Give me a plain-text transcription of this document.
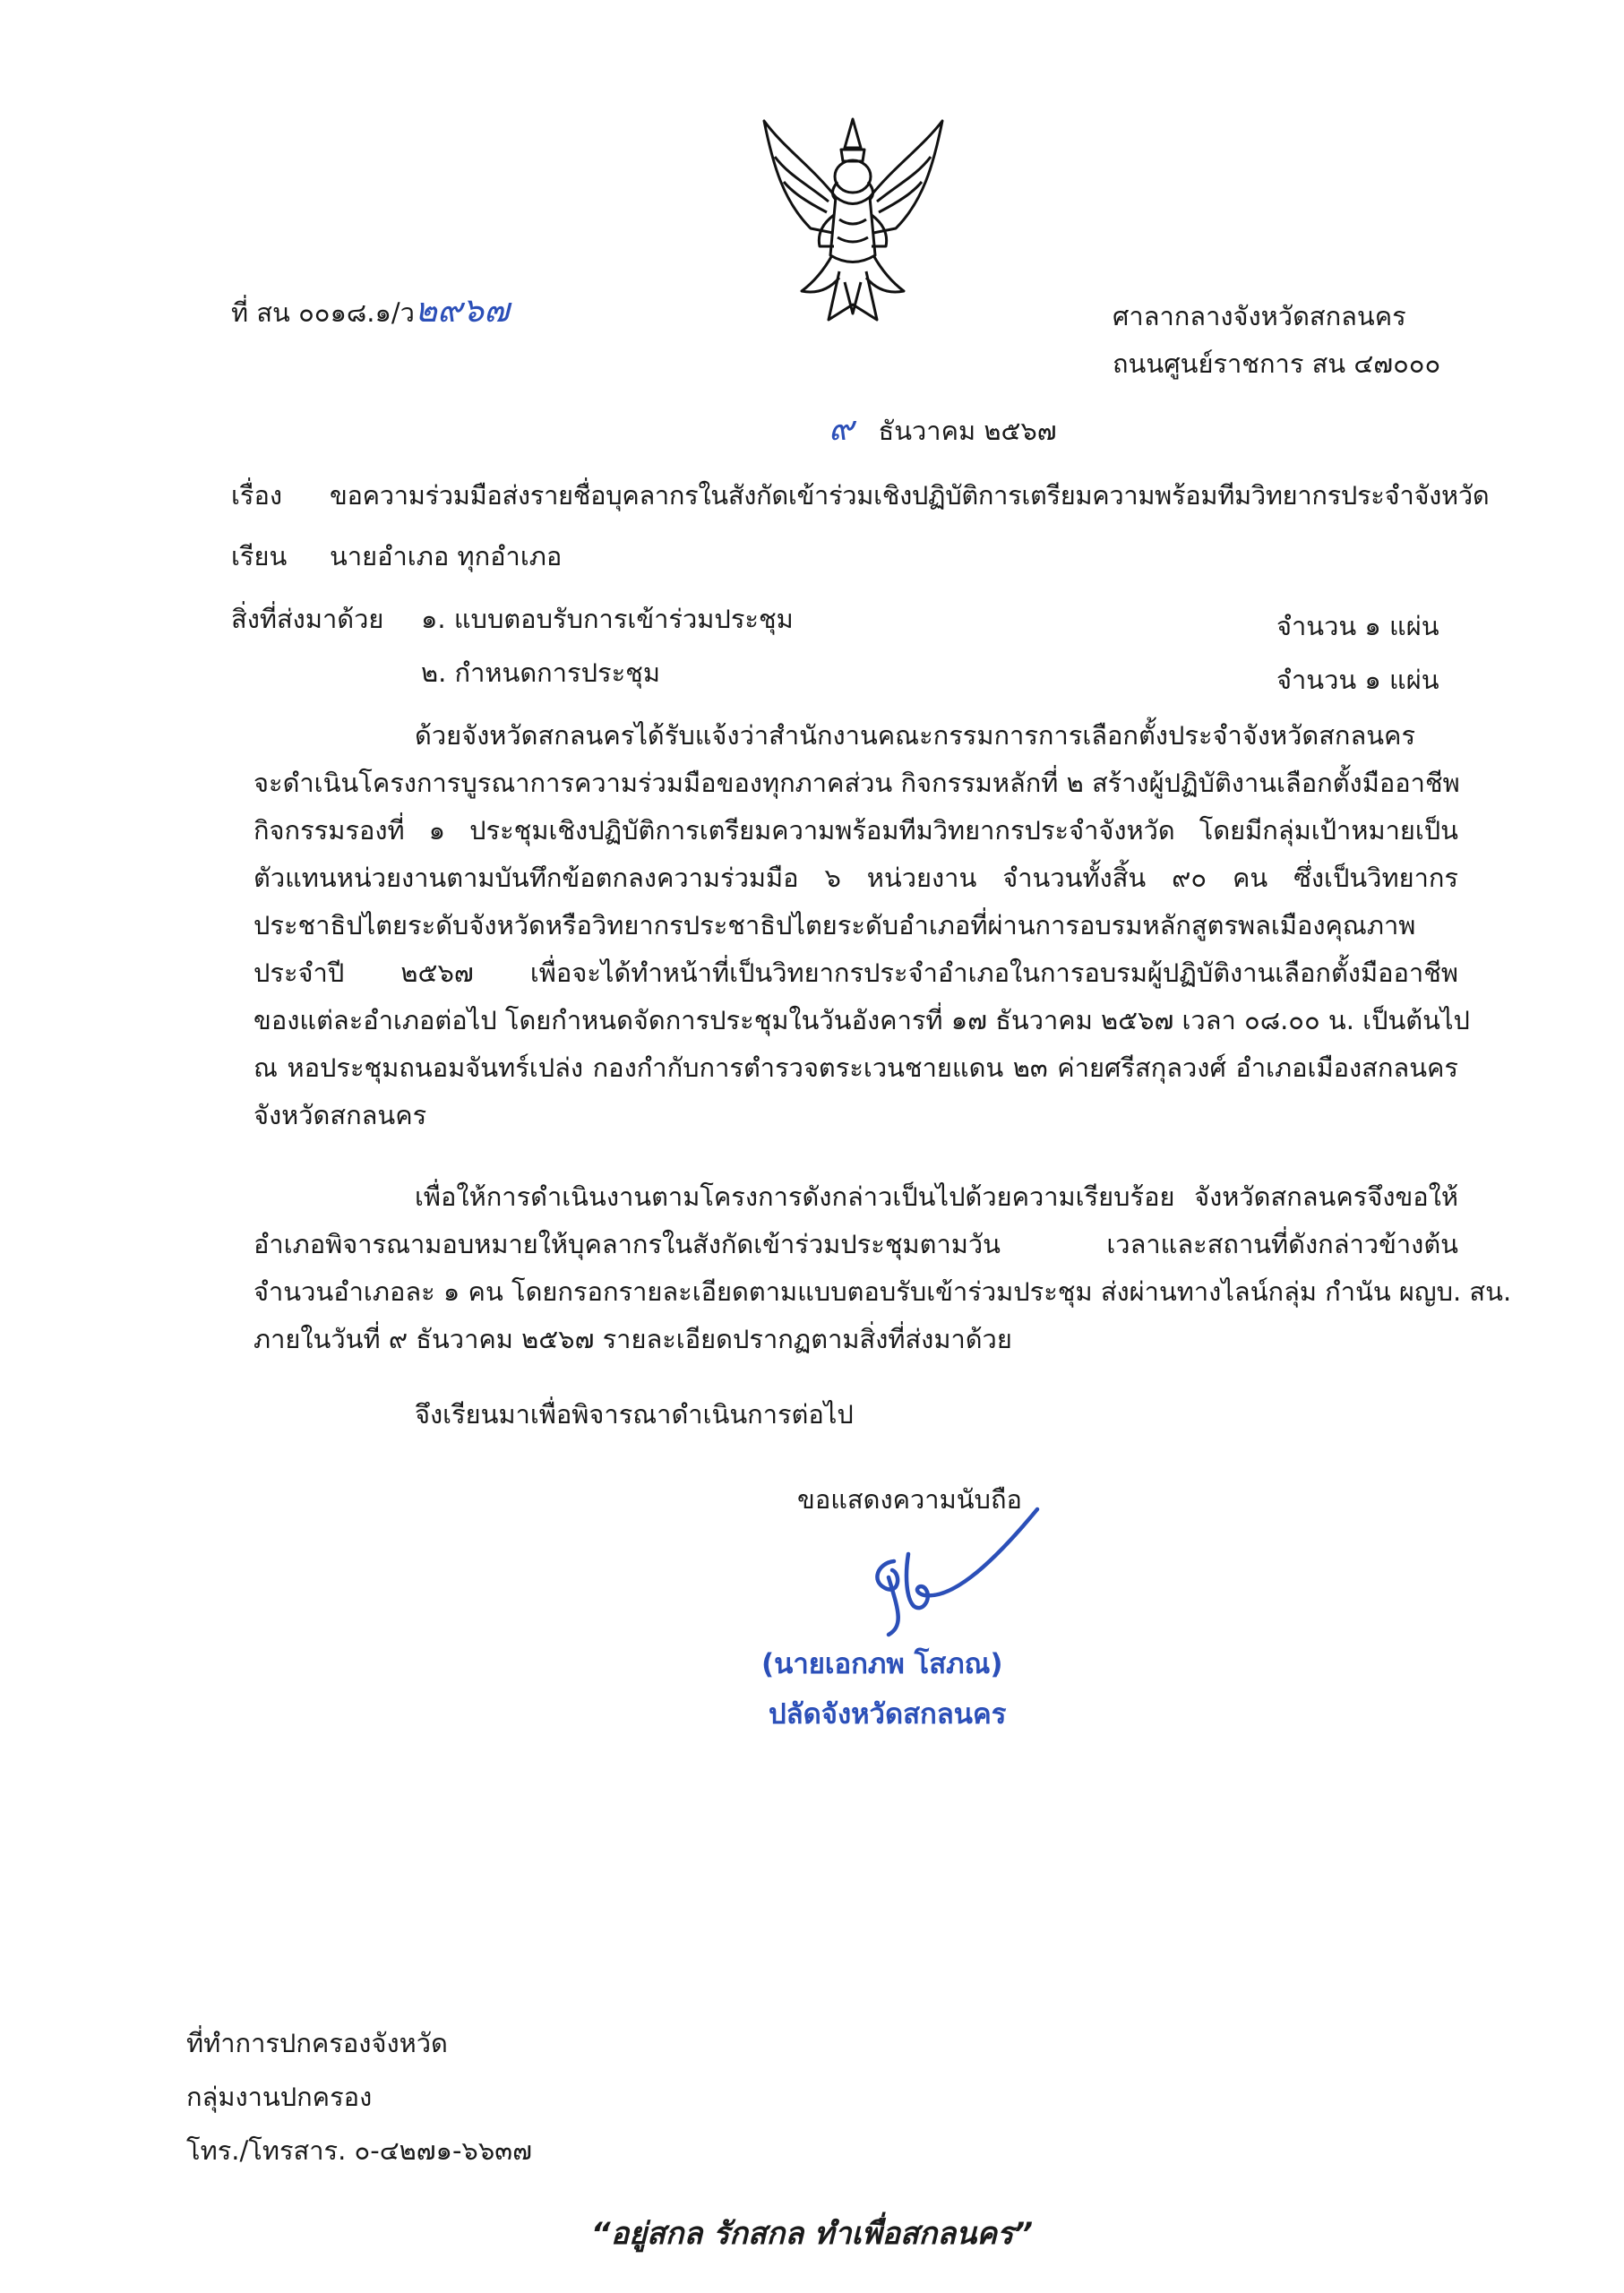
ที่ สน ๐๐๑๘.๑/ว๒๙๖๗	ศาลากลางจังหวัดสกลนคร
ถนนศูนย์ราชการ สน ๔๗๐๐๐
๙ ธันวาคม ๒๕๖๗
เรื่อง ขอความร่วมมือส่งรายชื่อบุคลากรในสังกัดเข้าร่วมเชิงปฏิบัติการเตรียมความพร้อมทีมวิทยากรประจำจังหวัด
เรียน นายอำเภอ ทุกอำเภอ
สิ่งที่ส่งมาด้วย ๑. แบบตอบรับการเข้าร่วมประชุม	จำนวน ๑ แผ่น
๒. กำหนดการประชุม	จำนวน ๑ แผ่น
ด้วยจังหวัดสกลนครได้รับแจ้งว่าสำนักงานคณะกรรมการการเลือกตั้งประจำจังหวัดสกลนคร
จะดำเนินโครงการบูรณาการความร่วมมือของทุกภาคส่วน กิจกรรมหลักที่ ๒ สร้างผู้ปฏิบัติงานเลือกตั้งมืออาชีพ
กิจกรรมรองที่ ๑ ประชุมเชิงปฏิบัติการเตรียมความพร้อมทีมวิทยากรประจำจังหวัด โดยมีกลุ่มเป้าหมายเป็น
ตัวแทนหน่วยงานตามบันทึกข้อตกลงความร่วมมือ ๖ หน่วยงาน จำนวนทั้งสิ้น ๙๐ คน ซึ่งเป็นวิทยากร
ประชาธิปไตยระดับจังหวัดหรือวิทยากรประชาธิปไตยระดับอำเภอที่ผ่านการอบรมหลักสูตรพลเมืองคุณภาพ
ประจำปี ๒๕๖๗ เพื่อจะได้ทำหน้าที่เป็นวิทยากรประจำอำเภอในการอบรมผู้ปฏิบัติงานเลือกตั้งมืออาชีพ
ของแต่ละอำเภอต่อไป โดยกำหนดจัดการประชุมในวันอังคารที่ ๑๗ ธันวาคม ๒๕๖๗ เวลา ๐๘.๐๐ น. เป็นต้นไป
ณ หอประชุมถนอมจันทร์เปล่ง กองกำกับการตำรวจตระเวนชายแดน ๒๓ ค่ายศรีสกุลวงศ์ อำเภอเมืองสกลนคร
จังหวัดสกลนคร
เพื่อให้การดำเนินงานตามโครงการดังกล่าวเป็นไปด้วยความเรียบร้อย จังหวัดสกลนครจึงขอให้
อำเภอพิจารณามอบหมายให้บุคลากรในสังกัดเข้าร่วมประชุมตามวัน เวลาและสถานที่ดังกล่าวข้างต้น
จำนวนอำเภอละ ๑ คน โดยกรอกรายละเอียดตามแบบตอบรับเข้าร่วมประชุม ส่งผ่านทางไลน์กลุ่ม กำนัน ผญบ. สน.
ภายในวันที่ ๙ ธันวาคม ๒๕๖๗ รายละเอียดปรากฏตามสิ่งที่ส่งมาด้วย
จึงเรียนมาเพื่อพิจารณาดำเนินการต่อไป
ขอแสดงความนับถือ
(นายเอกภพ โสภณ)
ปลัดจังหวัดสกลนคร
ที่ทำการปกครองจังหวัด
กลุ่มงานปกครอง
โทร./โทรสาร. ๐-๔๒๗๑-๖๖๓๗
“อยู่สกล รักสกล ทำเพื่อสกลนคร”
